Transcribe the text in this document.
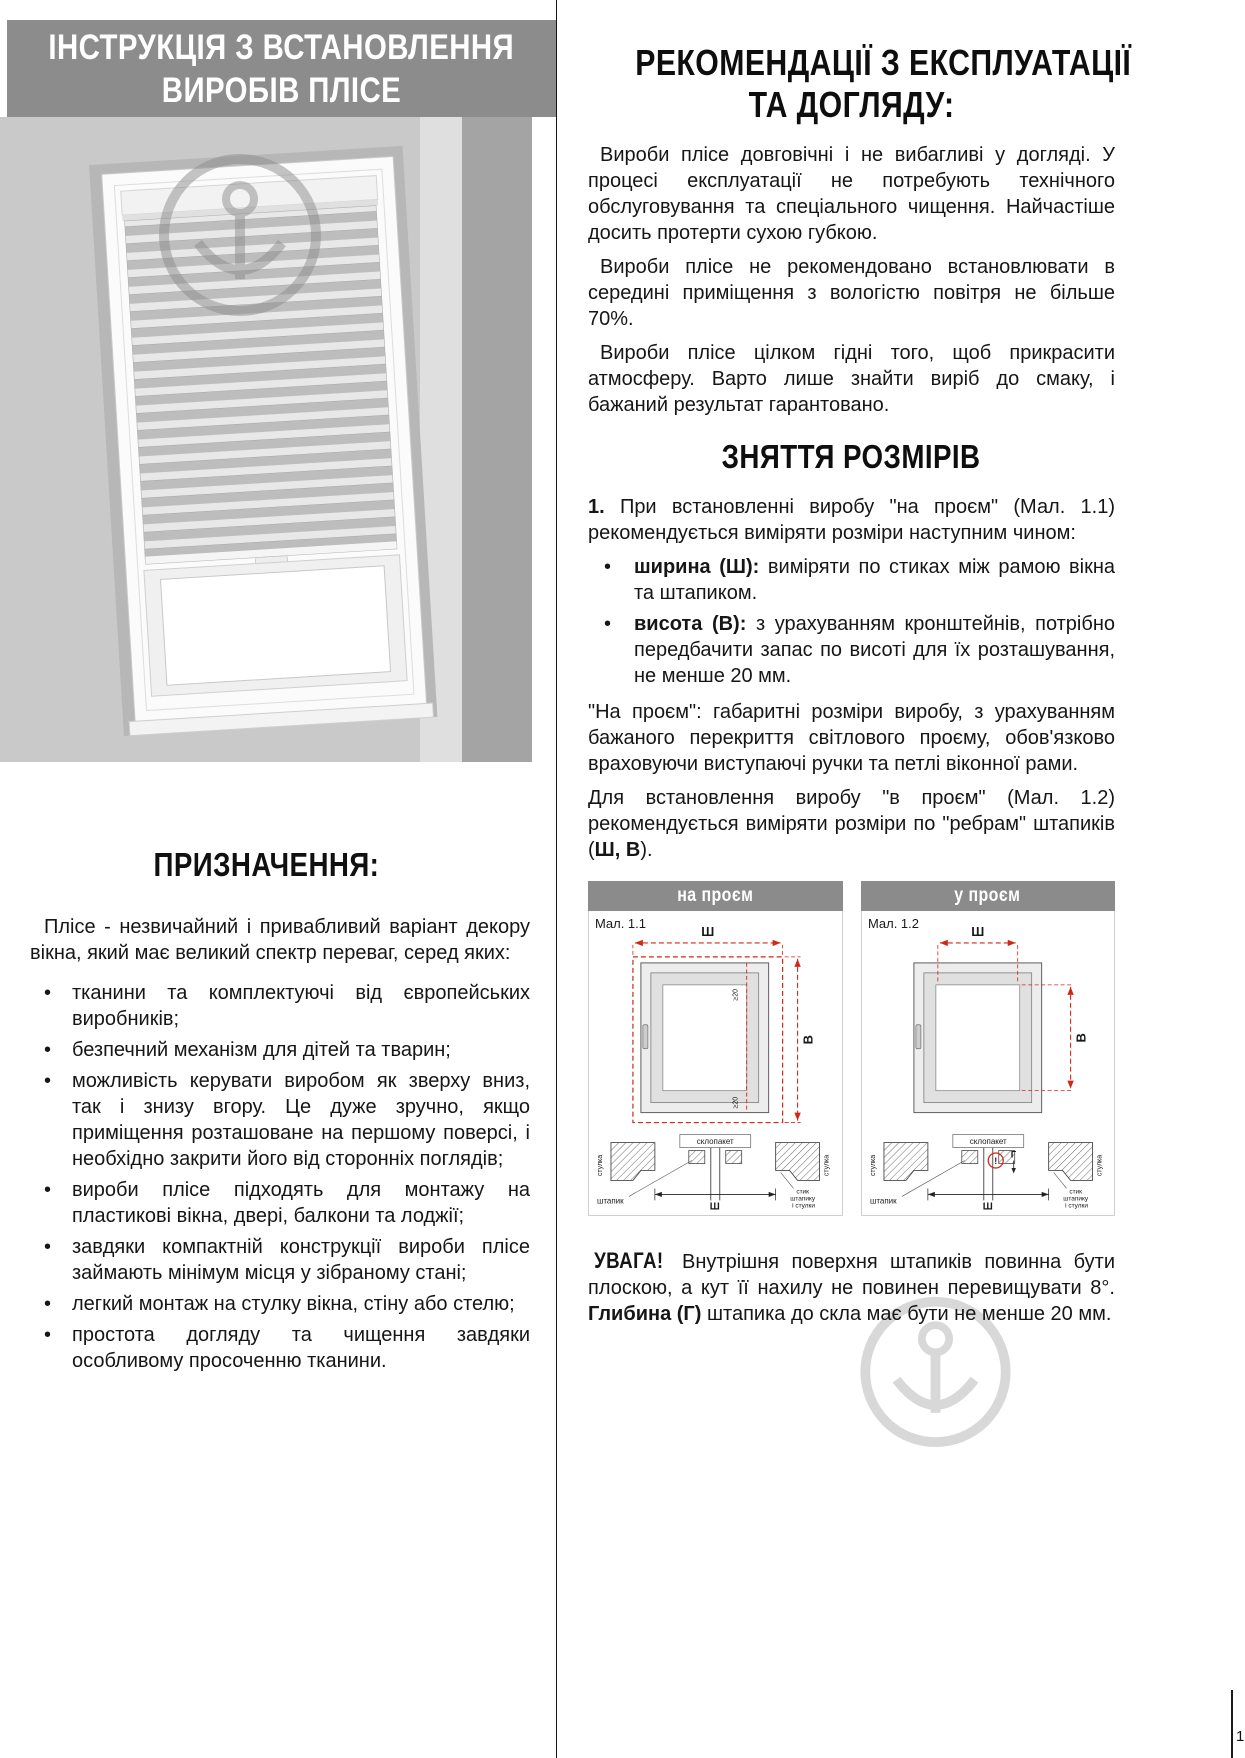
ІНСТРУКЦІЯ З ВСТАНОВЛЕННЯ
ВИРОБІВ ПЛІСЕ
ПРИЗНАЧЕННЯ:

Плісе - незвичайний і привабливий варіант декору вікна, який має великий спектр переваг, серед яких:

• тканини та комплектуючі від європейських виробників;
• безпечний механізм для дітей та тварин;
• можливість керувати виробом як зверху вниз, так і знизу вгору. Це дуже зручно, якщо приміщення розташоване на першому поверсі, і необхідно закрити його від сторонніх поглядів;
• вироби плісе підходять для монтажу на пластикові вікна, двері, балкони та лоджії;
• завдяки компактній конструкції вироби плісе займають мінімум місця у зібраному стані;
• легкий монтаж на стулку вікна, стіну або стелю;
• простота догляду та чищення завдяки особливому просоченню тканини.
РЕКОМЕНДАЦІЇ З ЕКСПЛУАТАЦІЇ
ТА ДОГЛЯДУ:

Вироби плісе довговічні і не вибагливі у догляді. У процесі експлуатації не потребують технічного обслуговування та спеціального чищення. Найчастіше досить протерти сухою губкою.

Вироби плісе не рекомендовано встановлювати в середині приміщення з вологістю повітря не більше 70%.

Вироби плісе цілком гідні того, щоб прикрасити атмосферу. Варто лише знайти виріб до смаку, і бажаний результат гарантовано.

ЗНЯТТЯ РОЗМІРІВ

1. При встановленні виробу "на проєм" (Мал. 1.1) рекомендується виміряти розміри наступним чином:

• ширина (Ш): виміряти по стиках між рамою вікна та штапиком.
• висота (В): з урахуванням кронштейнів, потрібно передбачити запас по висоті для їх розташування, не менше 20 мм.

"На проєм": габаритні розміри виробу, з урахуванням бажаного перекриття світлового проєму, обов'язково враховуючи виступаючі ручки та петлі віконної рами.

Для встановлення виробу "в проєм" (Мал. 1.2) рекомендується виміряти розміри по "ребрам" штапиків (Ш, В).

на проєм
Мал. 1.1
Ш
В
≥20
≥20
склопакет
стулка	стулка
штапик
Ш
стик штапику і стулки
у проєм
Мал. 1.2
Ш
В
склопакет
стулка	стулка
штапик
!
Г
Ш
стик штапику і стулки

УВАГА! Внутрішня поверхня штапиків повинна бути плоскою, а кут її нахилу не повинен перевищувати 8°. Глибина (Г) штапика до скла має бути не менше 20 мм.

1
